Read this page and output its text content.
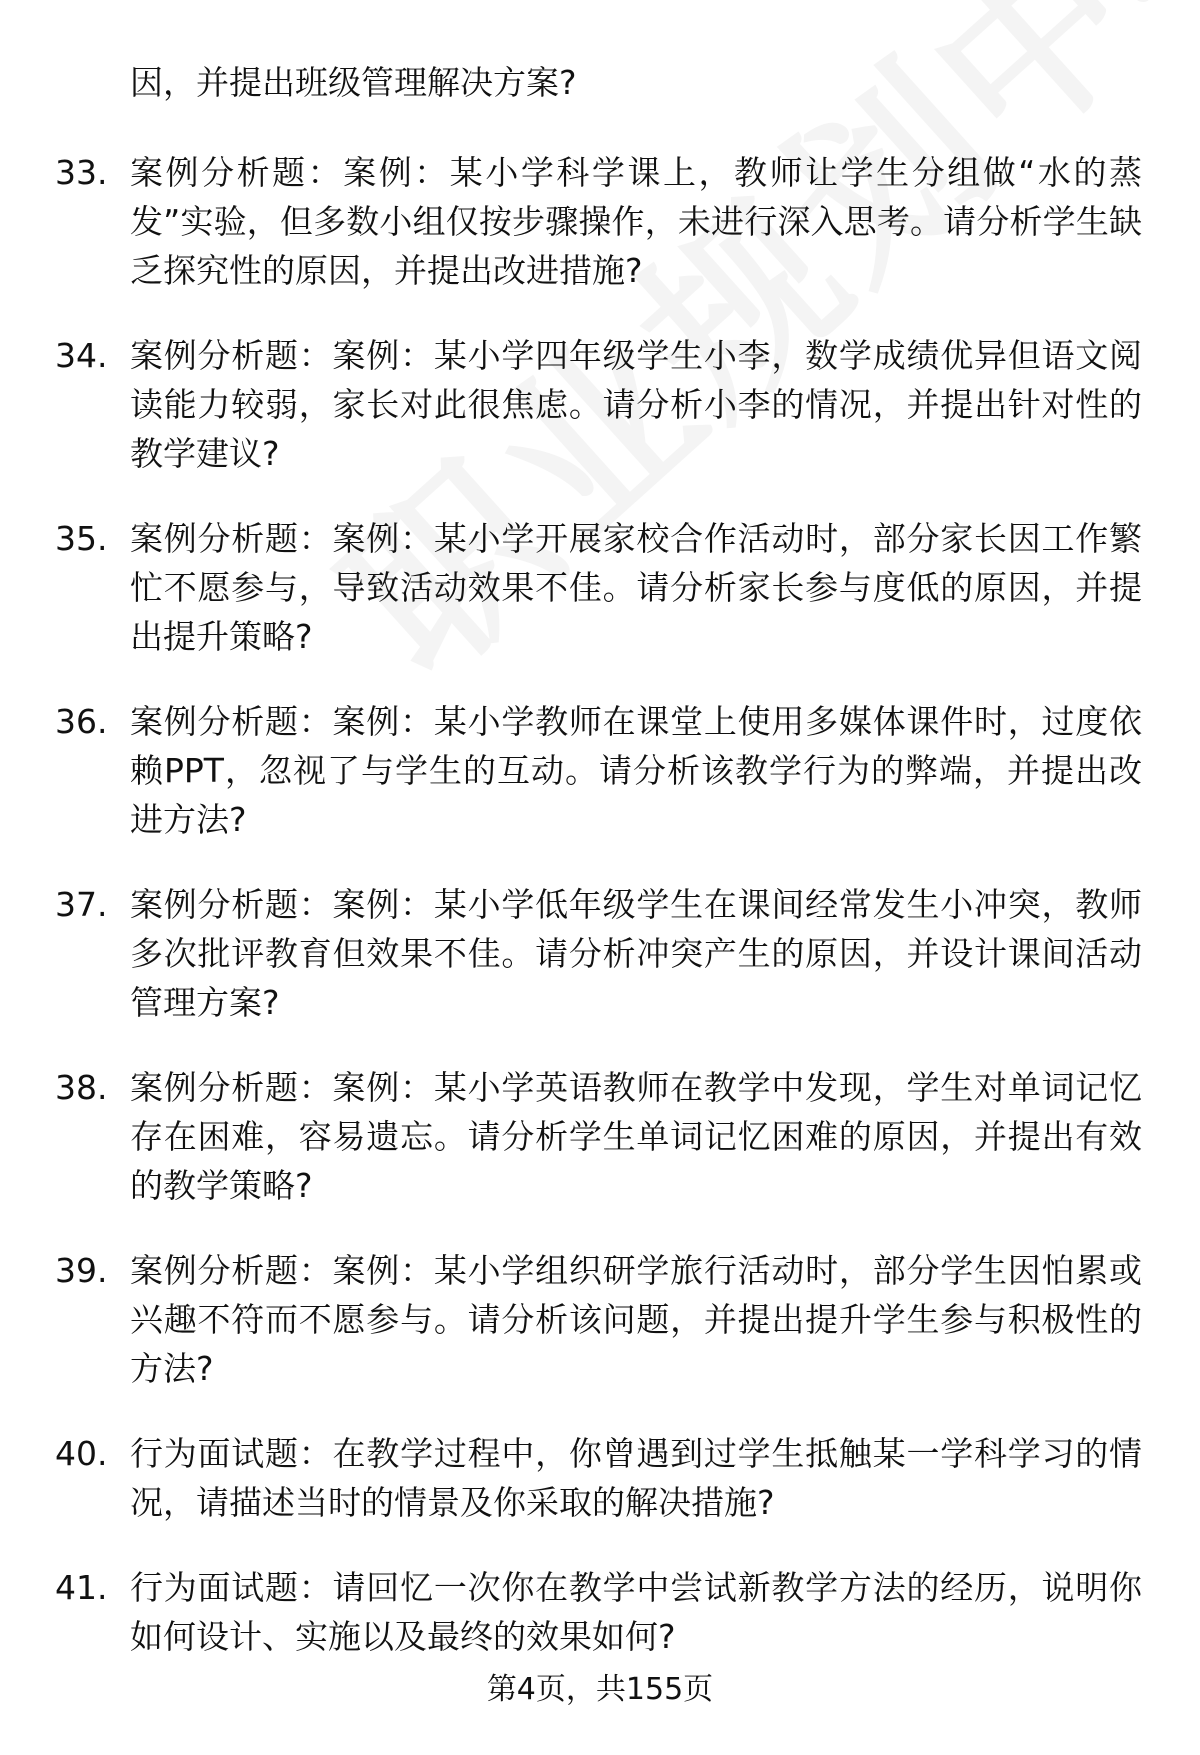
因，并提出班级管理解决方案?

33. 案例分析题：案例：某小学科学课上，教师让学生分组做“水的蒸发”实验，但多数小组仅按步骤操作，未进行深入思考。请分析学生缺乏探究性的原因，并提出改进措施?
34. 案例分析题：案例：某小学四年级学生小李，数学成绩优异但语文阅读能力较弱，家长对此很焦虑。请分析小李的情况，并提出针对性的教学建议?
35. 案例分析题：案例：某小学开展家校合作活动时，部分家长因工作繁忙不愿参与，导致活动效果不佳。请分析家长参与度低的原因，并提出提升策略?
36. 案例分析题：案例：某小学教师在课堂上使用多媒体课件时，过度依赖PPT，忽视了与学生的互动。请分析该教学行为的弊端，并提出改进方法?
37. 案例分析题：案例：某小学低年级学生在课间经常发生小冲突，教师多次批评教育但效果不佳。请分析冲突产生的原因，并设计课间活动管理方案?
38. 案例分析题：案例：某小学英语教师在教学中发现，学生对单词记忆存在困难，容易遗忘。请分析学生单词记忆困难的原因，并提出有效的教学策略?
39. 案例分析题：案例：某小学组织研学旅行活动时，部分学生因怕累或兴趣不符而不愿参与。请分析该问题，并提出提升学生参与积极性的方法?
40. 行为面试题：在教学过程中，你曾遇到过学生抵触某一学科学习的情况，请描述当时的情景及你采取的解决措施?
41. 行为面试题：请回忆一次你在教学中尝试新教学方法的经历，说明你如何设计、实施以及最终的效果如何?
第4页，共155页
